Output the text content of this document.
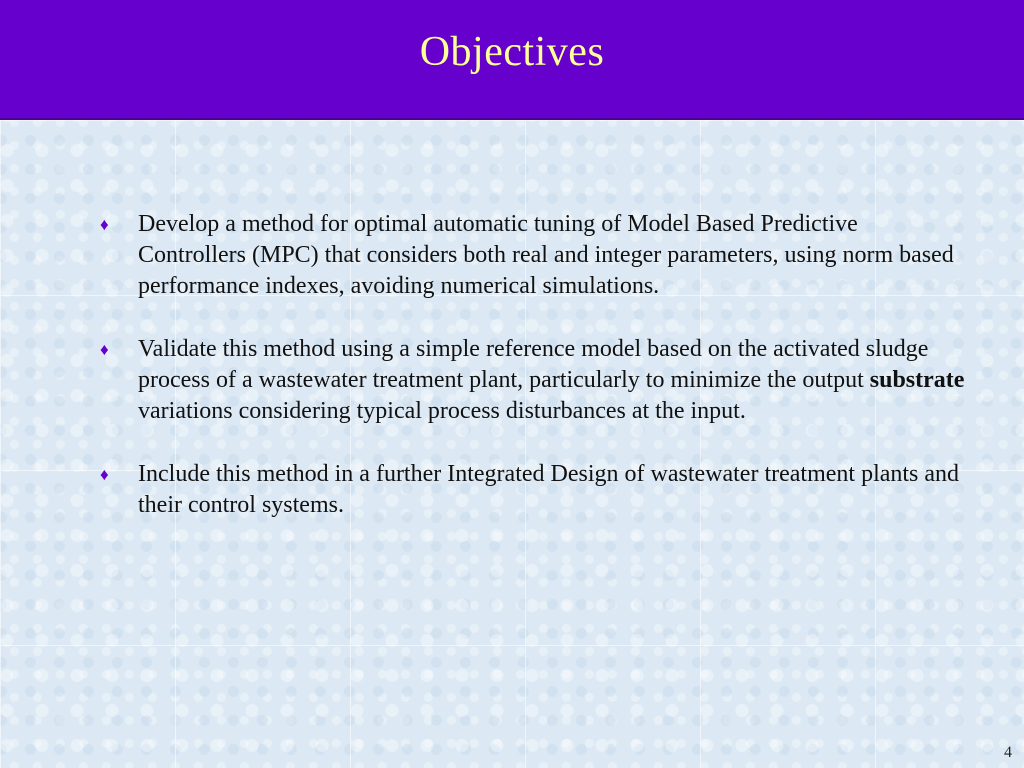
Objectives
♦	Develop a method for optimal automatic tuning of Model Based Predictive Controllers (MPC) that considers both real and integer parameters, using norm based performance indexes, avoiding numerical simulations.
♦	Validate this method using a simple reference model based on the activated sludge process of a wastewater treatment plant, particularly to minimize the output substrate variations considering typical process disturbances at the input.
♦	Include this method in a further Integrated Design of wastewater treatment plants and their control systems.
4
